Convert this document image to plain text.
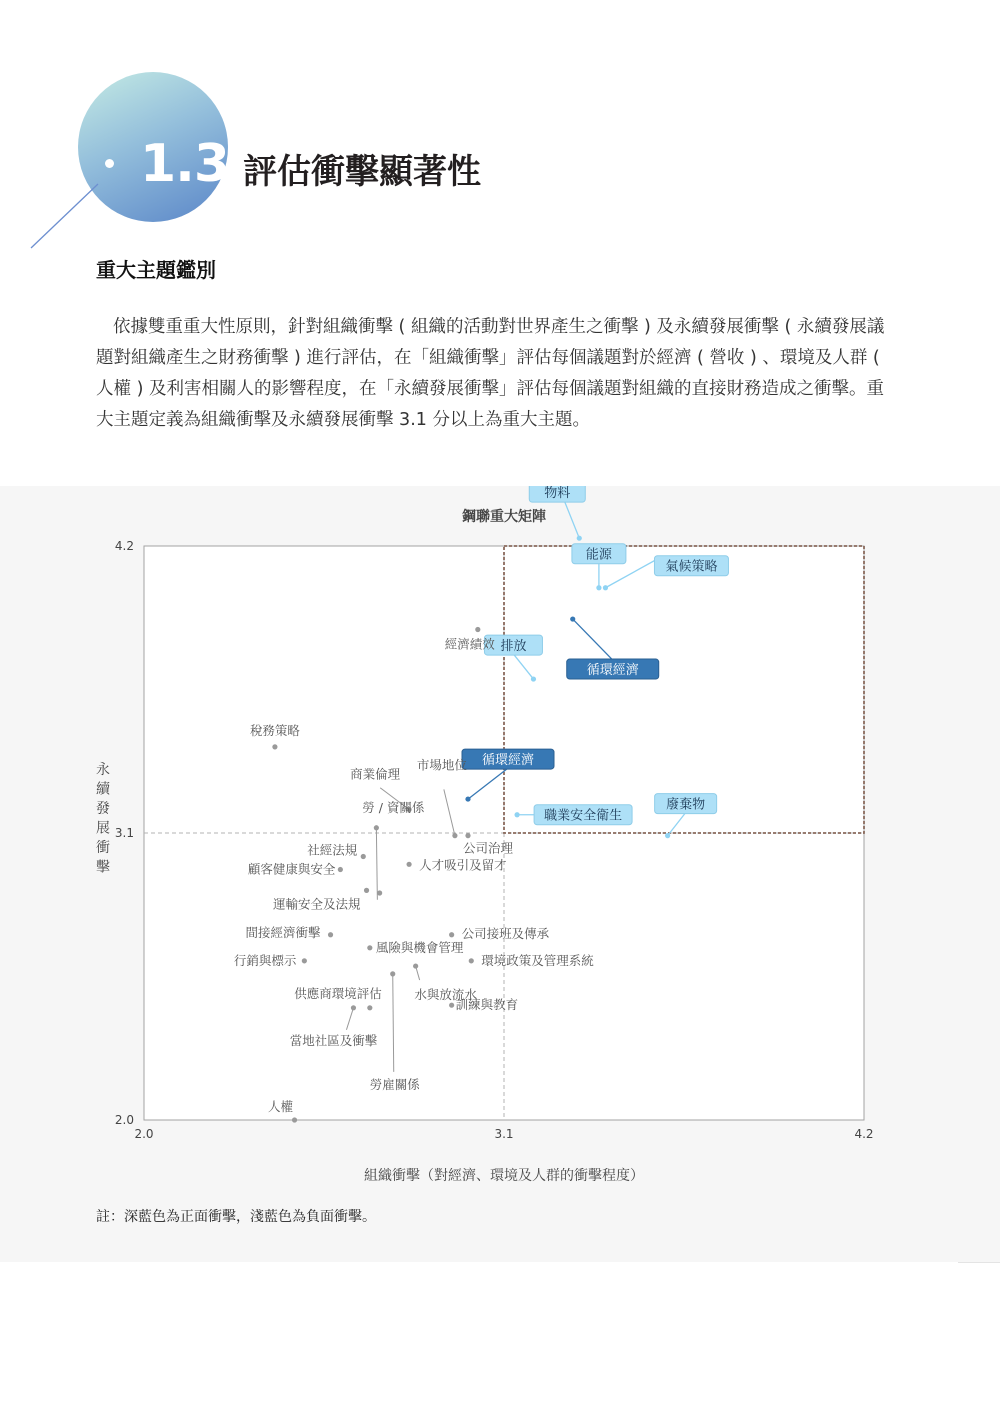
1.3 評估衝擊顯著性
重大主題鑑別

依據雙重重大性原則，針對組織衝擊 ( 組織的活動對世界產生之衝擊 ) 及永續發展衝擊 ( 永續發展議題對組織產生之財務衝擊 ) 進行評估，在「組織衝擊」評估每個議題對於經濟 ( 營收 ) 、環境及人群 ( 人權 ) 及利害相關人的影響程度，在「永續發展衝擊」評估每個議題對組織的直接財務造成之衝擊。重大主題定義為組織衝擊及永續發展衝擊 3.1 分以上為重大主題。

鋼聯重大矩陣
物料
能源
氣候策略
排放
循環經濟
循環經濟
職業安全衛生
廢棄物
經濟績效
稅務策略
商業倫理
市場地位
勞 / 資關係
公司治理
社經法規
人才吸引及留才
顧客健康與安全
運輸安全及法規
間接經濟衝擊	公司接班及傳承
風險與機會管理
行銷與標示	環境政策及管理系統
水與放流水
勞雇關係
訓練與教育
供應商環境評估
當地社區及衝擊
人權
2.0	3.1	4.2
2.0
3.1
4.2
組織衝擊（對經濟、環境及人群的衝擊程度）
永續發展衝擊
註：深藍色為正面衝擊，淺藍色為負面衝擊。
